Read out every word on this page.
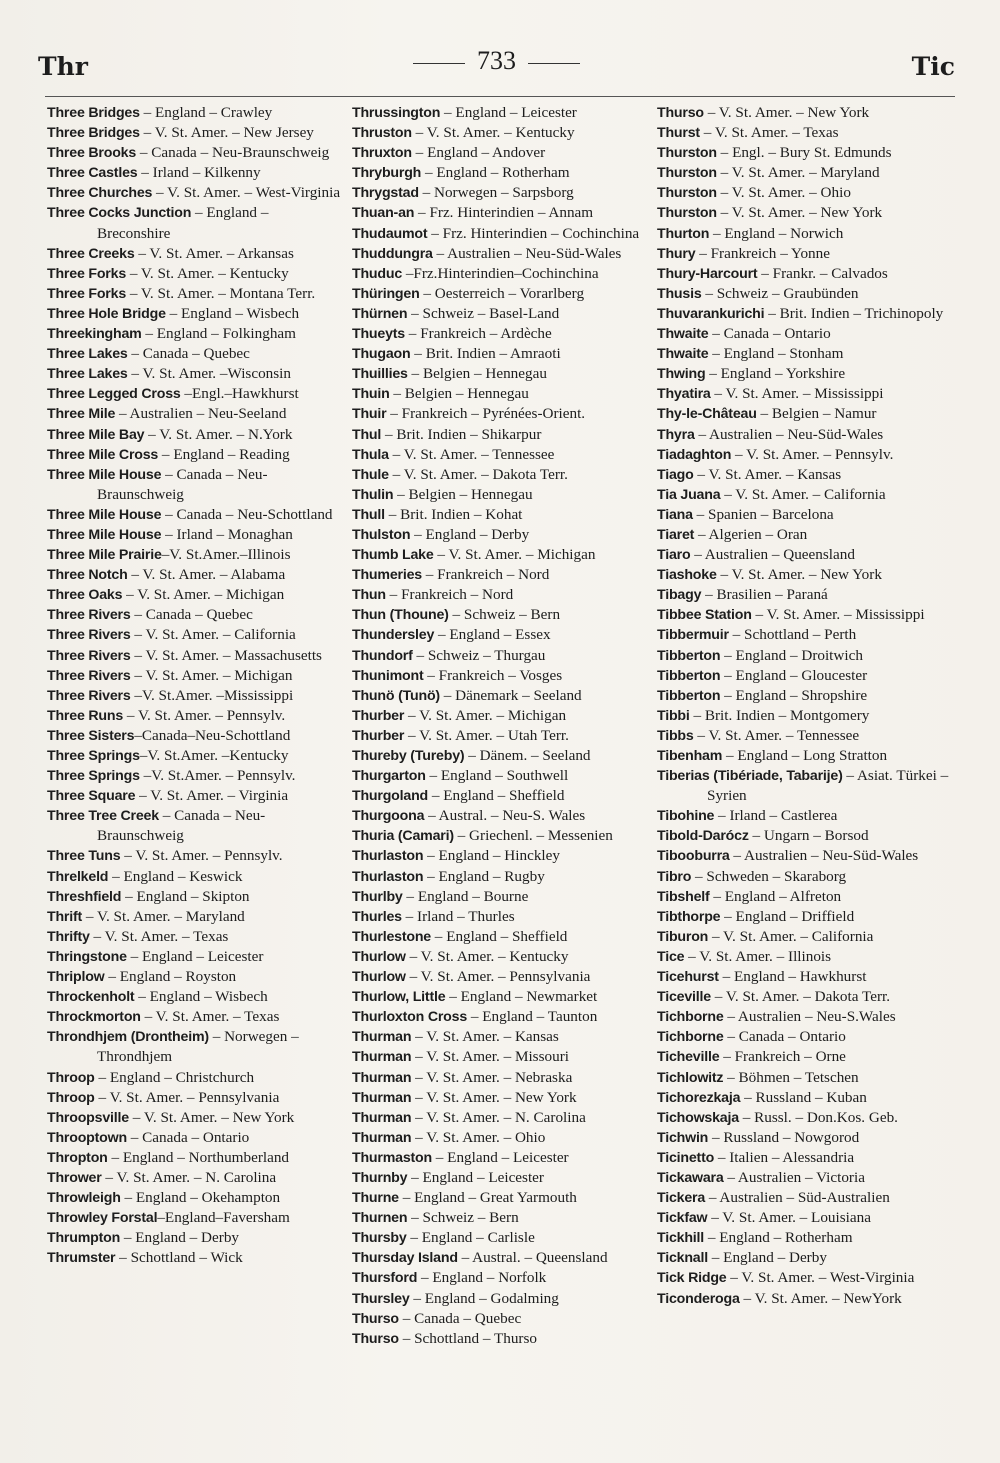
Thr	733	Tic
Three Bridges – England – Crawley
Three Bridges – V. St. Amer. – New Jersey
Three Brooks – Canada – Neu-Braunschweig
Three Castles – Irland – Kilkenny
Three Churches – V. St. Amer. – West-Virginia
Three Cocks Junction – England – Breconshire
Three Creeks – V. St. Amer. – Arkansas
Three Forks – V. St. Amer. – Kentucky
Three Forks – V. St. Amer. – Montana Terr.
Three Hole Bridge – England – Wisbech
Threekingham – England – Folkingham
Three Lakes – Canada – Quebec
Three Lakes – V. St. Amer. –Wisconsin
Three Legged Cross –Engl.–Hawkhurst
Three Mile – Australien – Neu-Seeland
Three Mile Bay – V. St. Amer. – N.York
Three Mile Cross – England – Reading
Three Mile House – Canada – Neu-Braunschweig
Three Mile House – Canada – Neu-Schottland
Three Mile House – Irland – Monaghan
Three Mile Prairie–V. St.Amer.–Illinois
Three Notch – V. St. Amer. – Alabama
Three Oaks – V. St. Amer. – Michigan
Three Rivers – Canada – Quebec
Three Rivers – V. St. Amer. – California
Three Rivers – V. St. Amer. – Massachusetts
Three Rivers – V. St. Amer. – Michigan
Three Rivers –V. St.Amer. –Mississippi
Three Runs – V. St. Amer. – Pennsylv.
Three Sisters–Canada–Neu-Schottland
Three Springs–V. St.Amer. –Kentucky
Three Springs –V. St.Amer. – Pennsylv.
Three Square – V. St. Amer. – Virginia
Three Tree Creek – Canada – Neu-Braunschweig
Three Tuns – V. St. Amer. – Pennsylv.
Threlkeld – England – Keswick
Threshfield – England – Skipton
Thrift – V. St. Amer. – Maryland
Thrifty – V. St. Amer. – Texas
Thringstone – England – Leicester
Thriplow – England – Royston
Throckenholt – England – Wisbech
Throckmorton – V. St. Amer. – Texas
Throndhjem (Drontheim) – Norwegen – Throndhjem
Throop – England – Christchurch
Throop – V. St. Amer. – Pennsylvania
Throopsville – V. St. Amer. – New York
Throoptown – Canada – Ontario
Thropton – England – Northumberland
Thrower – V. St. Amer. – N. Carolina
Throwleigh – England – Okehampton
Throwley Forstal–England–Faversham
Thrumpton – England – Derby
Thrumster – Schottland – Wick
Thrussington – England – Leicester
Thruston – V. St. Amer. – Kentucky
Thruxton – England – Andover
Thryburgh – England – Rotherham
Thrygstad – Norwegen – Sarpsborg
Thuan-an – Frz. Hinterindien – Annam
Thudaumot – Frz. Hinterindien – Cochinchina
Thuddungra – Australien – Neu-Süd-Wales
Thuduc –Frz.Hinterindien–Cochinchina
Thüringen – Oesterreich – Vorarlberg
Thürnen – Schweiz – Basel-Land
Thueyts – Frankreich – Ardèche
Thugaon – Brit. Indien – Amraoti
Thuillies – Belgien – Hennegau
Thuin – Belgien – Hennegau
Thuir – Frankreich – Pyrénées-Orient.
Thul – Brit. Indien – Shikarpur
Thula – V. St. Amer. – Tennessee
Thule – V. St. Amer. – Dakota Terr.
Thulin – Belgien – Hennegau
Thull – Brit. Indien – Kohat
Thulston – England – Derby
Thumb Lake – V. St. Amer. – Michigan
Thumeries – Frankreich – Nord
Thun – Frankreich – Nord
Thun (Thoune) – Schweiz – Bern
Thundersley – England – Essex
Thundorf – Schweiz – Thurgau
Thunimont – Frankreich – Vosges
Thunö (Tunö) – Dänemark – Seeland
Thurber – V. St. Amer. – Michigan
Thurber – V. St. Amer. – Utah Terr.
Thureby (Tureby) – Dänem. – Seeland
Thurgarton – England – Southwell
Thurgoland – England – Sheffield
Thurgoona – Austral. – Neu-S. Wales
Thuria (Camari) – Griechenl. – Messenien
Thurlaston – England – Hinckley
Thurlaston – England – Rugby
Thurlby – England – Bourne
Thurles – Irland – Thurles
Thurlestone – England – Sheffield
Thurlow – V. St. Amer. – Kentucky
Thurlow – V. St. Amer. – Pennsylvania
Thurlow, Little – England – Newmarket
Thurloxton Cross – England – Taunton
Thurman – V. St. Amer. – Kansas
Thurman – V. St. Amer. – Missouri
Thurman – V. St. Amer. – Nebraska
Thurman – V. St. Amer. – New York
Thurman – V. St. Amer. – N. Carolina
Thurman – V. St. Amer. – Ohio
Thurmaston – England – Leicester
Thurnby – England – Leicester
Thurne – England – Great Yarmouth
Thurnen – Schweiz – Bern
Thursby – England – Carlisle
Thursday Island – Austral. – Queensland
Thursford – England – Norfolk
Thursley – England – Godalming
Thurso – Canada – Quebec
Thurso – Schottland – Thurso
Thurso – V. St. Amer. – New York
Thurst – V. St. Amer. – Texas
Thurston – Engl. – Bury St. Edmunds
Thurston – V. St. Amer. – Maryland
Thurston – V. St. Amer. – Ohio
Thurston – V. St. Amer. – New York
Thurton – England – Norwich
Thury – Frankreich – Yonne
Thury-Harcourt – Frankr. – Calvados
Thusis – Schweiz – Graubünden
Thuvarankurichi – Brit. Indien – Trichinopoly
Thwaite – Canada – Ontario
Thwaite – England – Stonham
Thwing – England – Yorkshire
Thyatira – V. St. Amer. – Mississippi
Thy-le-Château – Belgien – Namur
Thyra – Australien – Neu-Süd-Wales
Tiadaghton – V. St. Amer. – Pennsylv.
Tiago – V. St. Amer. – Kansas
Tia Juana – V. St. Amer. – California
Tiana – Spanien – Barcelona
Tiaret – Algerien – Oran
Tiaro – Australien – Queensland
Tiashoke – V. St. Amer. – New York
Tibagy – Brasilien – Paraná
Tibbee Station – V. St. Amer. – Mississippi
Tibbermuir – Schottland – Perth
Tibberton – England – Droitwich
Tibberton – England – Gloucester
Tibberton – England – Shropshire
Tibbi – Brit. Indien – Montgomery
Tibbs – V. St. Amer. – Tennessee
Tibenham – England – Long Stratton
Tiberias (Tibériade, Tabarije) – Asiat. Türkei – Syrien
Tibohine – Irland – Castlerea
Tibold-Darócz – Ungarn – Borsod
Tibooburra – Australien – Neu-Süd-Wales
Tibro – Schweden – Skaraborg
Tibshelf – England – Alfreton
Tibthorpe – England – Driffield
Tiburon – V. St. Amer. – California
Tice – V. St. Amer. – Illinois
Ticehurst – England – Hawkhurst
Ticeville – V. St. Amer. – Dakota Terr.
Tichborne – Australien – Neu-S.Wales
Tichborne – Canada – Ontario
Ticheville – Frankreich – Orne
Tichlowitz – Böhmen – Tetschen
Tichorezkaja – Russland – Kuban
Tichowskaja – Russl. – Don.Kos. Geb.
Tichwin – Russland – Nowgorod
Ticinetto – Italien – Alessandria
Tickawara – Australien – Victoria
Tickera – Australien – Süd-Australien
Tickfaw – V. St. Amer. – Louisiana
Tickhill – England – Rotherham
Ticknall – England – Derby
Tick Ridge – V. St. Amer. – West-Virginia
Ticonderoga – V. St. Amer. – NewYork
